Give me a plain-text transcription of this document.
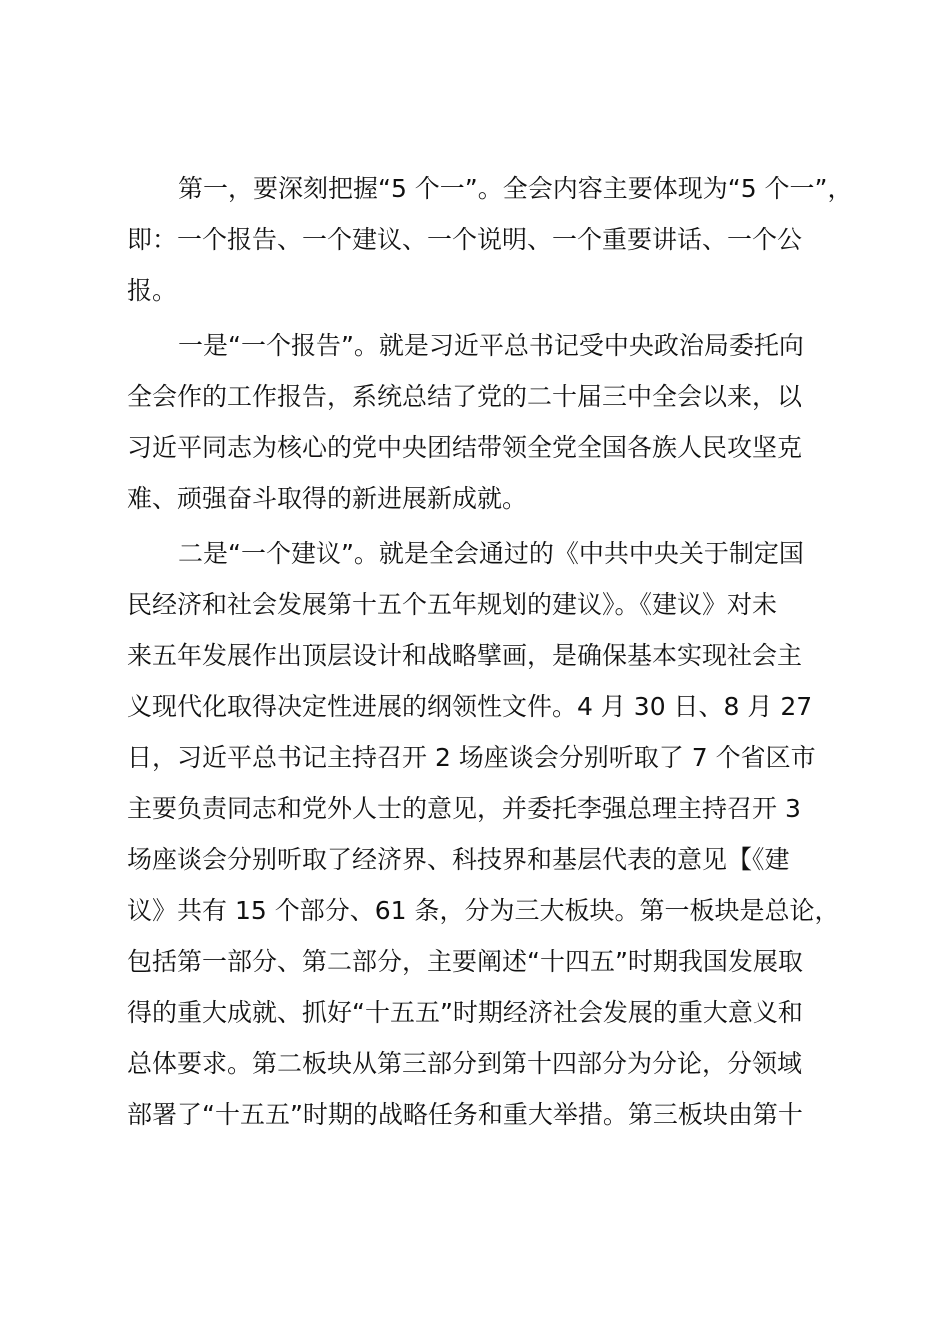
第一，要深刻把握“5 个一”。全会内容主要体现为“5 个一”，
即：一个报告、一个建议、一个说明、一个重要讲话、一个公
报。
一是“一个报告”。就是习近平总书记受中央政治局委托向
全会作的工作报告，系统总结了党的二十届三中全会以来，以
习近平同志为核心的党中央团结带领全党全国各族人民攻坚克
难、顽强奋斗取得的新进展新成就。
二是“一个建议”。就是全会通过的《中共中央关于制定国
民经济和社会发展第十五个五年规划的建议》。《建议》对未
来五年发展作出顶层设计和战略擘画，是确保基本实现社会主
义现代化取得决定性进展的纲领性文件。4 月 30 日、8 月 27
日，习近平总书记主持召开 2 场座谈会分别听取了 7 个省区市
主要负责同志和党外人士的意见，并委托李强总理主持召开 3
场座谈会分别听取了经济界、科技界和基层代表的意见【《建
议》共有 15 个部分、61 条，分为三大板块。第一板块是总论，
包括第一部分、第二部分，主要阐述“十四五”时期我国发展取
得的重大成就、抓好“十五五”时期经济社会发展的重大意义和
总体要求。第二板块从第三部分到第十四部分为分论，分领域
部署了“十五五”时期的战略任务和重大举措。第三板块由第十
